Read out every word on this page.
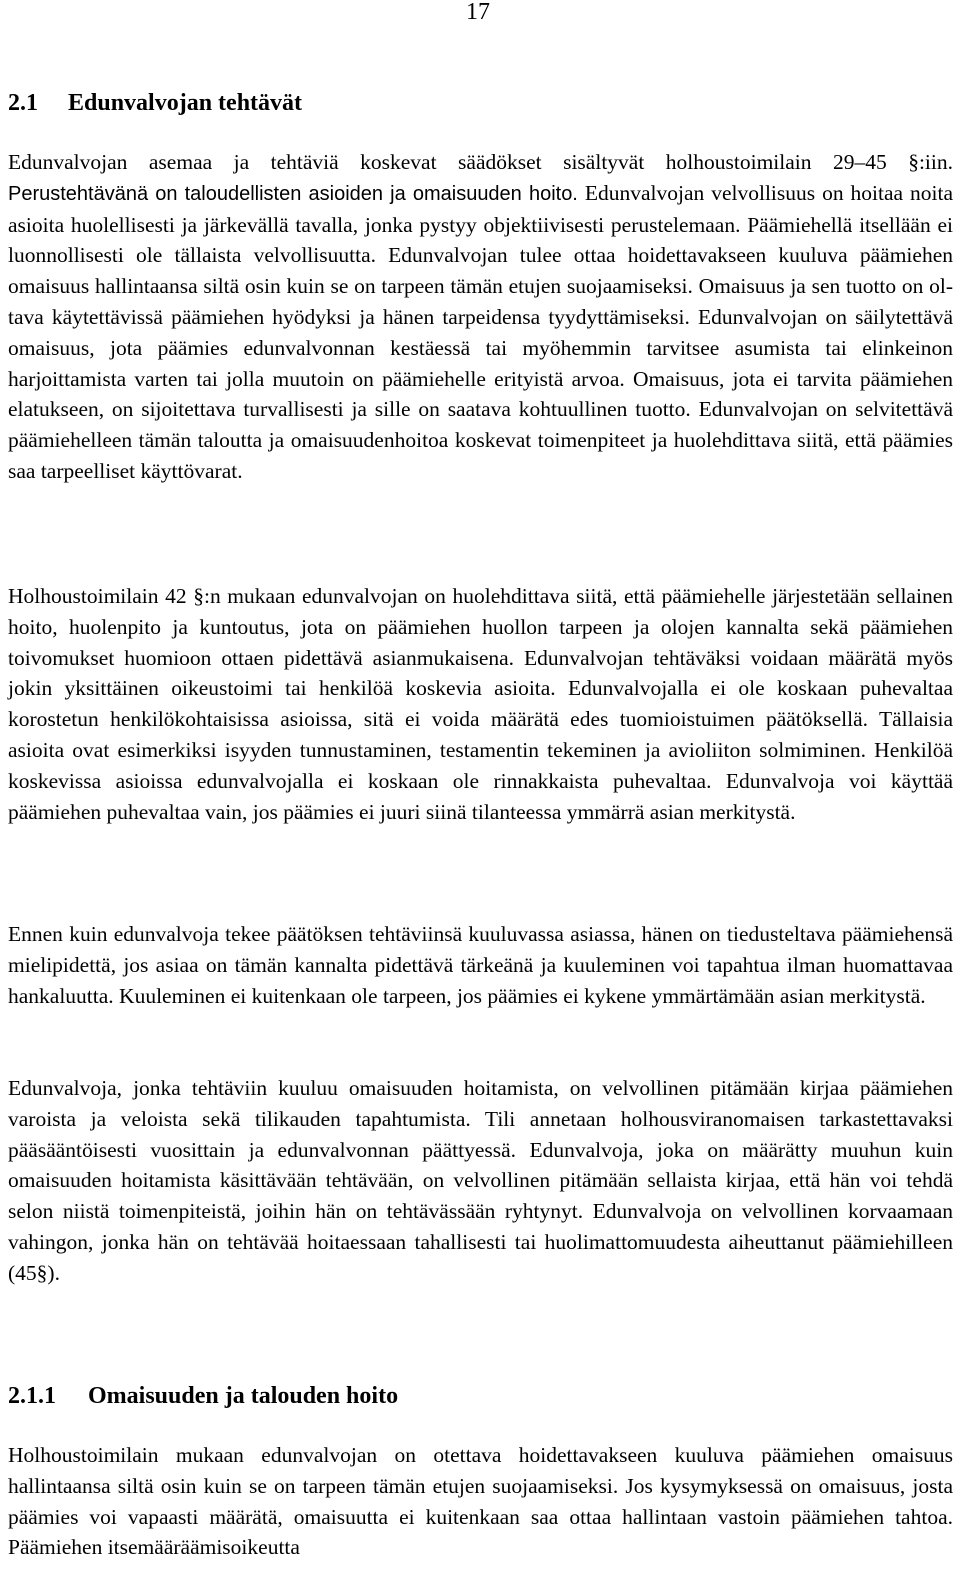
17
2.1 Edunvalvojan tehtävät

Edunvalvojan asemaa ja tehtäviä koskevat säädökset sisältyvät holhoustoimilain 29–45 §:iin. Perustehtävänä on taloudellisten asioiden ja omaisuuden hoito. Edunvalvojan velvollisuus on hoitaa noita asioita huolellisesti ja järkevällä tavalla, jonka pystyy objektiivisesti perustelemaan. Päämiehellä itsellään ei luonnollisesti ole tällaista velvollisuutta. Edunvalvojan tulee ottaa hoidettavakseen kuuluva päämiehen omaisuus hallintaansa siltä osin kuin se on tarpeen tämän etujen suojaamiseksi. Omaisuus ja sen tuotto on oltava käytettävissä päämiehen hyödyksi ja hänen tarpeidensa tyydyttämiseksi. Edunvalvojan on säilytettävä omaisuus, jota päämies edunvalvonnan kestäessä tai myöhemmin tarvitsee asumista tai elinkeinon harjoittamista varten tai jolla muutoin on päämiehelle erityistä arvoa. Omaisuus, jota ei tarvita päämiehen elatukseen, on sijoitettava turvallisesti ja sille on saatava kohtuullinen tuotto. Edunvalvojan on selvitettävä päämiehelleen tämän taloutta ja omaisuudenhoitoa koskevat toimenpiteet ja huolehdittava siitä, että päämies saa tarpeelliset käyttövarat.

Holhoustoimilain 42 §:n mukaan edunvalvojan on huolehdittava siitä, että päämiehelle järjestetään sellainen hoito, huolenpito ja kuntoutus, jota on päämiehen huollon tarpeen ja olojen kannalta sekä päämiehen toivomukset huomioon ottaen pidettävä asianmukaisena. Edunvalvojan tehtäväksi voidaan määrätä myös jokin yksittäinen oikeustoimi tai henkilöä koskevia asioita. Edunvalvojalla ei ole koskaan puhevaltaa korostetun henkilökohtaisissa asioissa, sitä ei voida määrätä edes tuomioistuimen päätöksellä. Tällaisia asioita ovat esimerkiksi isyyden tunnustaminen, testamentin tekeminen ja avioliiton solmiminen. Henkilöä koskevissa asioissa edunvalvojalla ei koskaan ole rinnakkaista puhevaltaa. Edunvalvoja voi käyttää päämiehen puhevaltaa vain, jos päämies ei juuri siinä tilanteessa ymmärrä asian merkitystä.

Ennen kuin edunvalvoja tekee päätöksen tehtäviinsä kuuluvassa asiassa, hänen on tiedusteltava päämiehensä mielipidettä, jos asiaa on tämän kannalta pidettävä tärkeänä ja kuuleminen voi tapahtua ilman huomattavaa hankaluutta. Kuuleminen ei kuitenkaan ole tarpeen, jos päämies ei kykene ymmärtämään asian merkitystä.

Edunvalvoja, jonka tehtäviin kuuluu omaisuuden hoitamista, on velvollinen pitämään kirjaa päämiehen varoista ja veloista sekä tilikauden tapahtumista. Tili annetaan holhousviranomaisen tarkastettavaksi pääsääntöisesti vuosittain ja edunvalvonnan päättyessä. Edunvalvoja, joka on määrätty muuhun kuin omaisuuden hoitamista käsittävään tehtävään, on velvollinen pitämään sellaista kirjaa, että hän voi tehdä selon niistä toimenpiteistä, joihin hän on tehtävässään ryhtynyt. Edunvalvoja on velvollinen korvaamaan vahingon, jonka hän on tehtävää hoitaessaan tahallisesti tai huolimattomuudesta aiheuttanut päämiehilleen (45§).

2.1.1 Omaisuuden ja talouden hoito

Holhoustoimilain mukaan edunvalvojan on otettava hoidettavakseen kuuluva päämiehen omaisuus hallintaansa siltä osin kuin se on tarpeen tämän etujen suojaamiseksi. Jos kysymyksessä on omaisuus, josta päämies voi vapaasti määrätä, omaisuutta ei kuitenkaan saa ottaa hallintaan vastoin päämiehen tahtoa. Päämiehen itsemääräämisoikeutta
